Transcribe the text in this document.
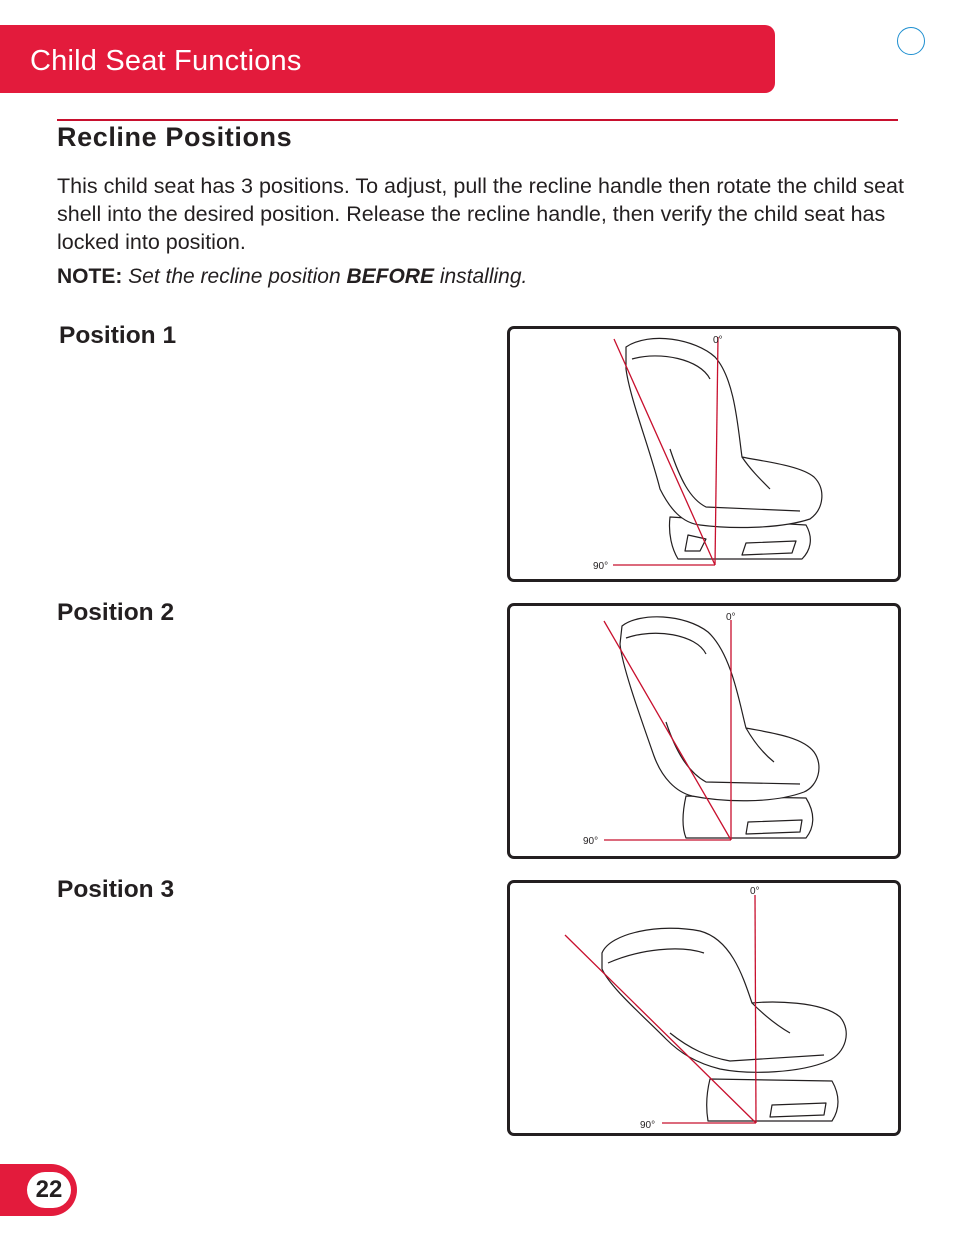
Child Seat Functions
Recline Positions
This child seat has 3 positions. To adjust, pull the recline handle then rotate the child seat shell into the desired position. Release the recline handle, then verify the child seat has locked into position.
NOTE: Set the recline position BEFORE installing.
Position 1	0°
90°
Position 2	0°
90°
Position 3	0°
90°
22
